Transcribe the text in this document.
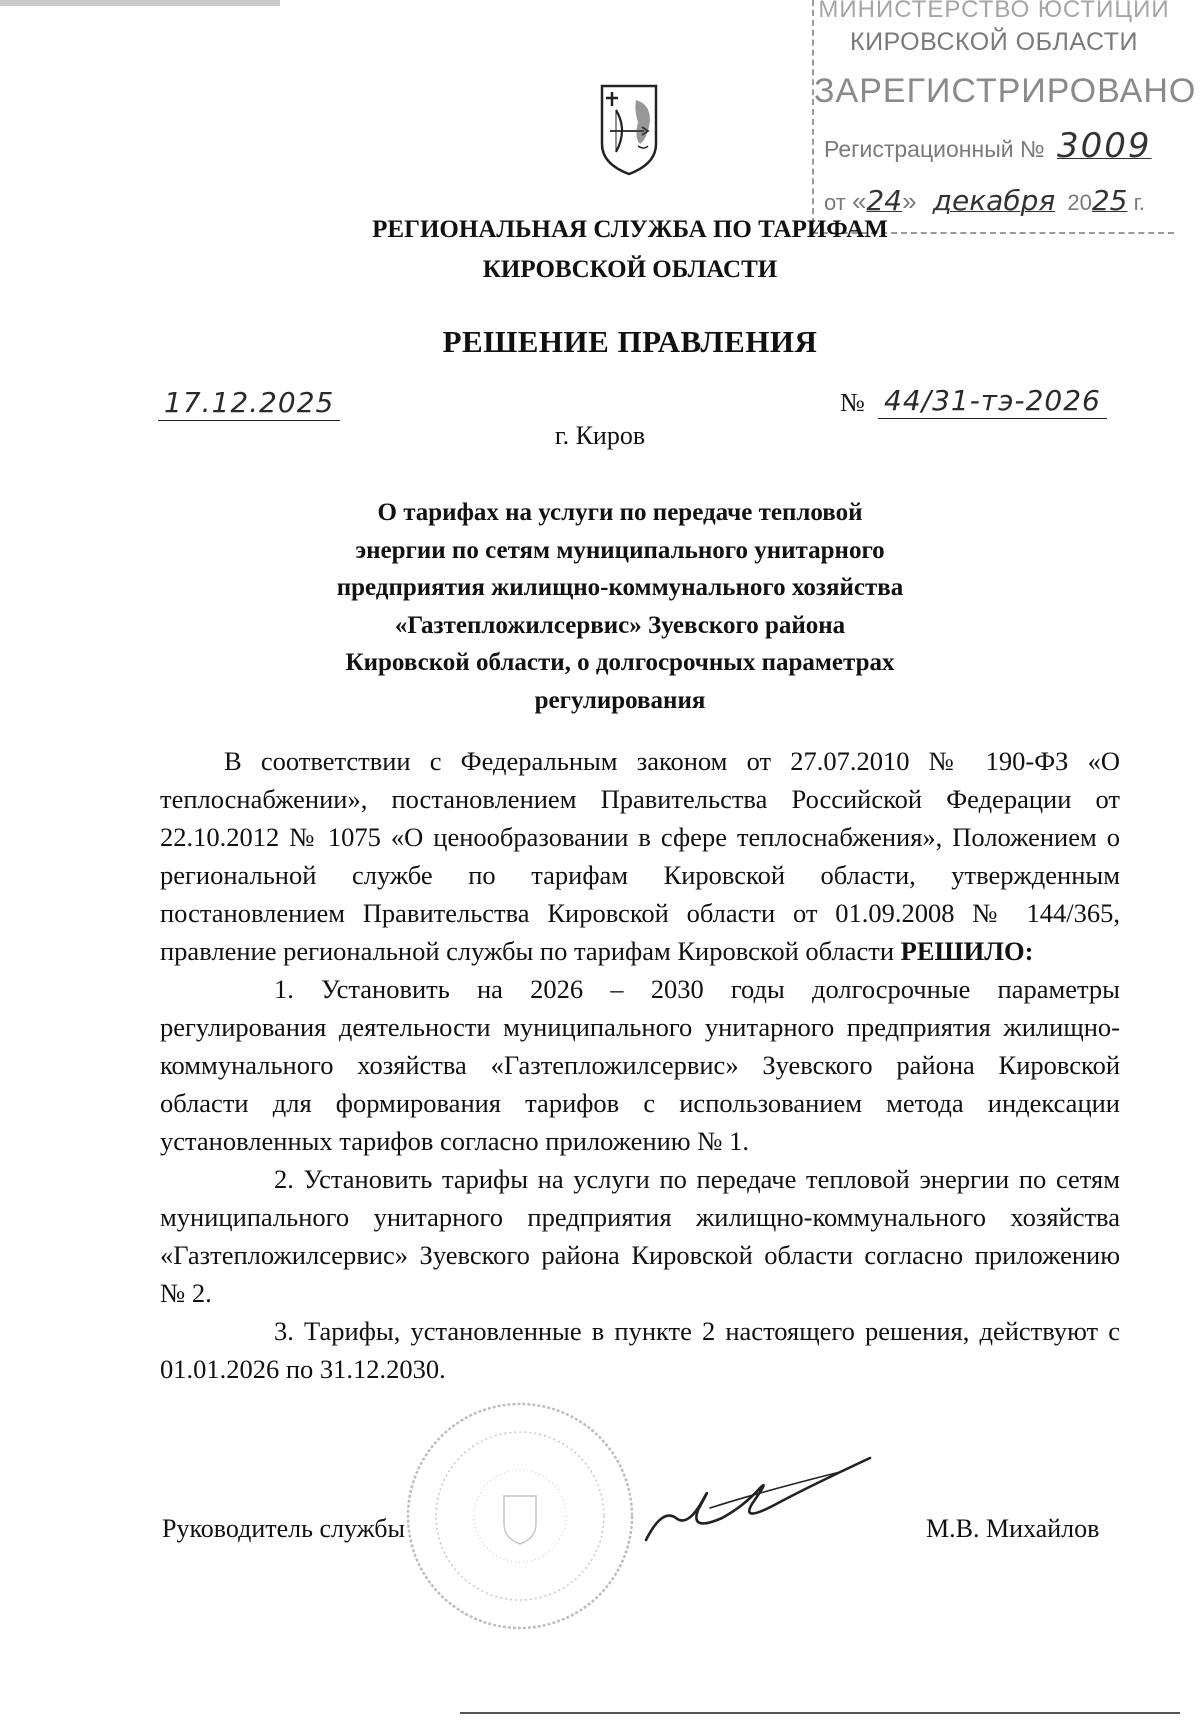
МИНИСТЕРСТВО ЮСТИЦИИ
КИРОВСКОЙ ОБЛАСТИ
ЗАРЕГИСТРИРОВАНО
Регистрационный № 3009
от «24» декабря 2025 г.
РЕГИОНАЛЬНАЯ СЛУЖБА ПО ТАРИФАМ
КИРОВСКОЙ ОБЛАСТИ
РЕШЕНИЕ ПРАВЛЕНИЯ
17.12.2025	№ 44/31-тэ-2026
г. Киров
О тарифах на услуги по передаче тепловой
энергии по сетям муниципального унитарного
предприятия жилищно-коммунального хозяйства
«Газтепложилсервис» Зуевского района
Кировской области, о долгосрочных параметрах
регулирования

В соответствии с Федеральным законом от 27.07.2010 № 190-ФЗ «О теплоснабжении», постановлением Правительства Российской Федерации от 22.10.2012 № 1075 «О ценообразовании в сфере теплоснабжения», Положением о региональной службе по тарифам Кировской области, утвержденным постановлением Правительства Кировской области от 01.09.2008 № 144/365, правление региональной службы по тарифам Кировской области РЕШИЛО:

1. Установить на 2026 – 2030 годы долгосрочные параметры регулирования деятельности муниципального унитарного предприятия жилищно-коммунального хозяйства «Газтепложилсервис» Зуевского района Кировской области для формирования тарифов с использованием метода индексации установленных тарифов согласно приложению № 1.

2. Установить тарифы на услуги по передаче тепловой энергии по сетям муниципального унитарного предприятия жилищно-коммунального хозяйства «Газтепложилсервис» Зуевского района Кировской области согласно приложению № 2.

3. Тарифы, установленные в пункте 2 настоящего решения, действуют с 01.01.2026 по 31.12.2030.

Руководитель службы	М.В. Михайлов
